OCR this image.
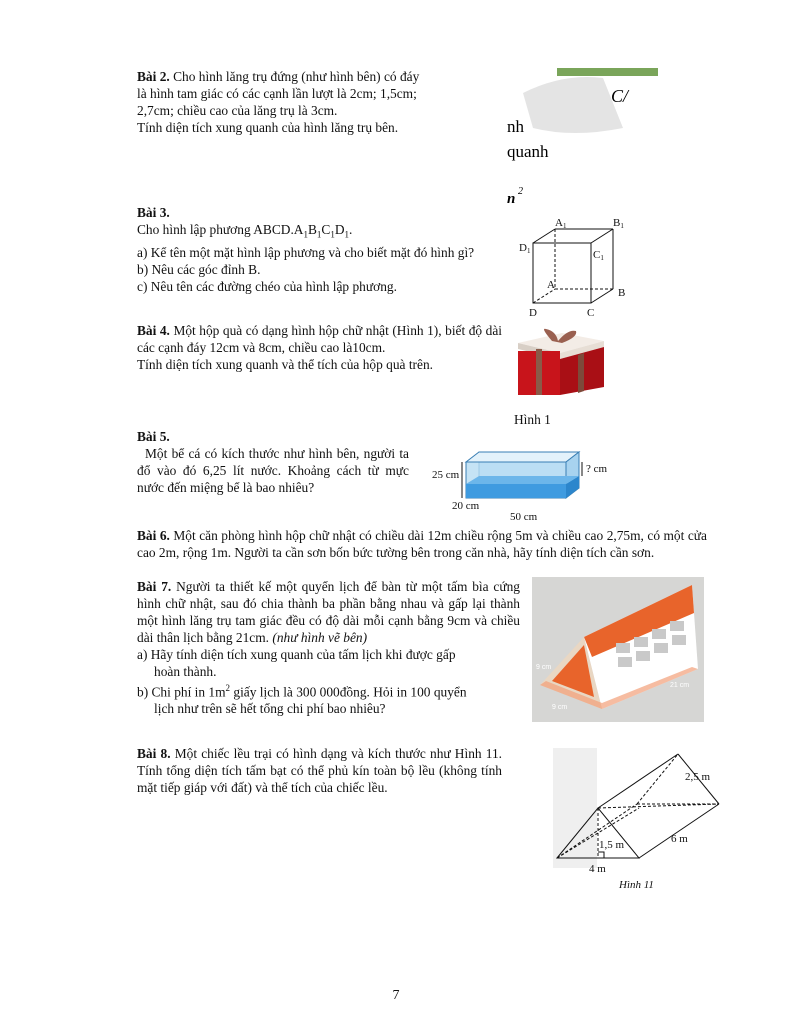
Bài 2. Cho hình lăng trụ đứng (như hình bên) có đáy
là hình tam giác có các cạnh lần lượt là 2cm; 1,5cm;
2,7cm; chiều cao của lăng trụ là 3cm.
Tính diện tích xung quanh của hình lăng trụ bên.
C/
nh
quanh
n 2
Bài 3.
Cho hình lập phương $ABCD.A_1B_1C_1D_1$.
a) Kể tên một mặt hình lập phương và cho biết mặt đó hình gì?
b) Nêu các góc đỉnh B.
c) Nêu tên các đường chéo của hình lập phương.
A1	B1
D1	C1
A
B
C
D
Bài 4. Một hộp quà có dạng hình hộp chữ nhật (Hình 1), biết độ dài các cạnh đáy 12cm và 8cm, chiều cao là10cm.
Tính diện tích xung quanh và thể tích của hộp quà trên.
Hình 1
Bài 5.
Một bể cá có kích thước như hình bên, người ta đổ vào đó 6,25 lít nước. Khoảng cách từ mực nước đến miệng bể là bao nhiêu?
25 cm	? cm
20 cm
50 cm
Bài 6. Một căn phòng hình hộp chữ nhật có chiều dài 12m chiều rộng 5m và chiều cao 2,75m, có một cửa cao 2m, rộng 1m. Người ta cần sơn bốn bức tường bên trong căn nhà, hãy tính diện tích cần sơn.
Bài 7. Người ta thiết kế một quyển lịch để bàn từ một tấm bìa cứng hình chữ nhật, sau đó chia thành ba phần bằng nhau và gấp lại thành một hình lăng trụ tam giác đều có độ dài mỗi cạnh bằng 9cm và chiều dài thân lịch bằng 21cm. (như hình vẽ bên)
a) Hãy tính diện tích xung quanh của tấm lịch khi được gấp
hoàn thành.
b) Chi phí in $1m^2$ giấy lịch là 300 000đồng. Hỏi in 100 quyển
lịch như trên sẽ hết tổng chi phí bao nhiêu?
21 cm
9 cm
9 cm
Bài 8. Một chiếc lều trại có hình dạng và kích thước như Hình 11. Tính tổng diện tích tấm bạt có thể phủ kín toàn bộ lều (không tính mặt tiếp giáp với đất) và thể tích của chiếc lều.
2,5 m
6 m
1,5 m
4 m
Hình 11
7
